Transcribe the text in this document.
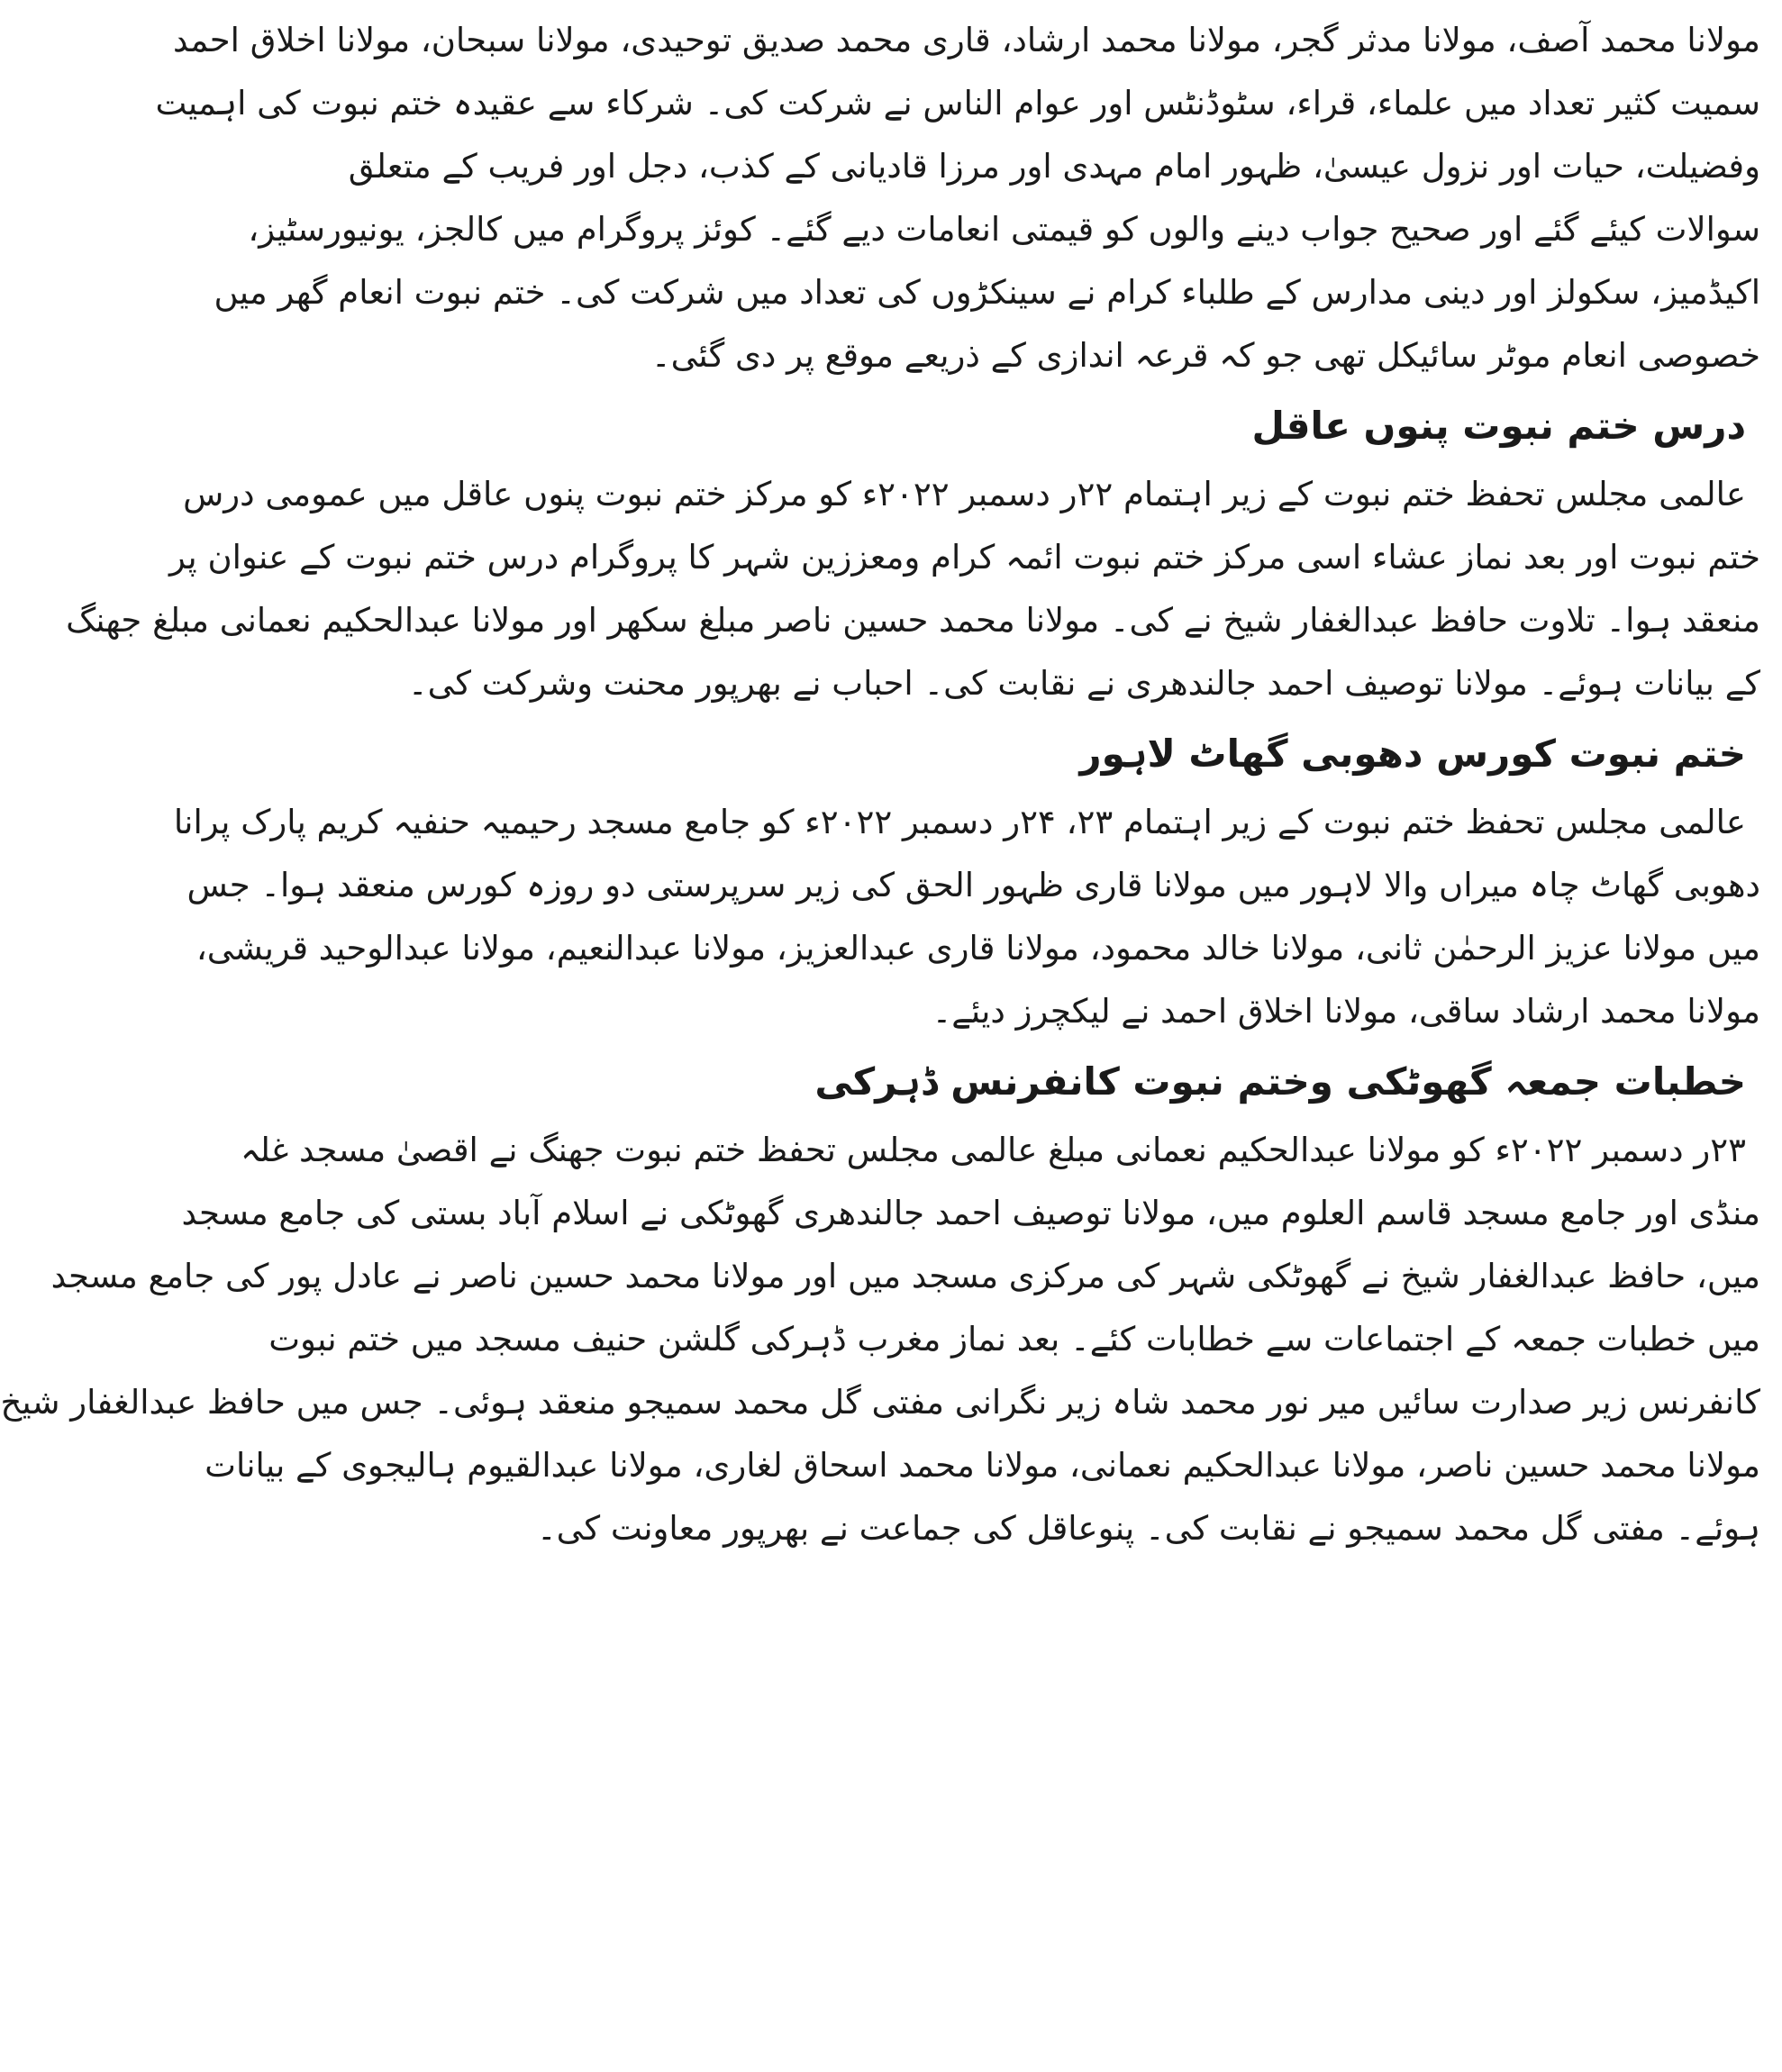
مولانا محمد آصف، مولانا مدثر گجر، مولانا محمد ارشاد، قاری محمد صدیق توحیدی، مولانا سبحان، مولانا اخلاق احمد
سمیت کثیر تعداد میں علماء، قراء، سٹوڈنٹس اور عوام الناس نے شرکت کی۔ شرکاء سے عقیدہ ختم نبوت کی اہمیت
وفضیلت، حیات اور نزول عیسیٰ، ظہور امام مہدی اور مرزا قادیانی کے کذب، دجل اور فریب کے متعلق
سوالات کیئے گئے اور صحیح جواب دینے والوں کو قیمتی انعامات دیے گئے۔ کوئز پروگرام میں کالجز، یونیورسٹیز،
اکیڈمیز، سکولز اور دینی مدارس کے طلباء کرام نے سینکڑوں کی تعداد میں شرکت کی۔ ختم نبوت انعام گھر میں
خصوصی انعام موٹر سائیکل تھی جو کہ قرعہ اندازی کے ذریعے موقع پر دی گئی۔
درس ختم نبوت پنوں عاقل
عالمی مجلس تحفظ ختم نبوت کے زیر اہتمام ۲۲ر دسمبر ۲۰۲۲ء کو مرکز ختم نبوت پنوں عاقل میں عمومی درس
ختم نبوت اور بعد نماز عشاء اسی مرکز ختم نبوت ائمہ کرام ومعززین شہر کا پروگرام درس ختم نبوت کے عنوان پر
منعقد ہوا۔ تلاوت حافظ عبدالغفار شیخ نے کی۔ مولانا محمد حسین ناصر مبلغ سکھر اور مولانا عبدالحکیم نعمانی مبلغ جھنگ
کے بیانات ہوئے۔ مولانا توصیف احمد جالندھری نے نقابت کی۔ احباب نے بھرپور محنت وشرکت کی۔
ختم نبوت کورس دھوبی گھاٹ لاہور
عالمی مجلس تحفظ ختم نبوت کے زیر اہتمام ۲۳، ۲۴ر دسمبر ۲۰۲۲ء کو جامع مسجد رحیمیہ حنفیہ کریم پارک پرانا
دھوبی گھاٹ چاہ میراں والا لاہور میں مولانا قاری ظہور الحق کی زیر سرپرستی دو روزہ کورس منعقد ہوا۔ جس
میں مولانا عزیز الرحمٰن ثانی، مولانا خالد محمود، مولانا قاری عبدالعزیز، مولانا عبدالنعیم، مولانا عبدالوحید قریشی،
مولانا محمد ارشاد ساقی، مولانا اخلاق احمد نے لیکچرز دیئے۔
خطبات جمعہ گھوٹکی وختم نبوت کانفرنس ڈہرکی
۲۳ر دسمبر ۲۰۲۲ء کو مولانا عبدالحکیم نعمانی مبلغ عالمی مجلس تحفظ ختم نبوت جھنگ نے اقصیٰ مسجد غلہ
منڈی اور جامع مسجد قاسم العلوم میں، مولانا توصیف احمد جالندھری گھوٹکی نے اسلام آباد بستی کی جامع مسجد
میں، حافظ عبدالغفار شیخ نے گھوٹکی شہر کی مرکزی مسجد میں اور مولانا محمد حسین ناصر نے عادل پور کی جامع مسجد
میں خطبات جمعہ کے اجتماعات سے خطابات کئے۔ بعد نماز مغرب ڈہرکی گلشن حنیف مسجد میں ختم نبوت
کانفرنس زیر صدارت سائیں میر نور محمد شاہ زیر نگرانی مفتی گل محمد سمیجو منعقد ہوئی۔ جس میں حافظ عبدالغفار شیخ
مولانا محمد حسین ناصر، مولانا عبدالحکیم نعمانی، مولانا محمد اسحاق لغاری، مولانا عبدالقیوم ہالیجوی کے بیانات
ہوئے۔ مفتی گل محمد سمیجو نے نقابت کی۔ پنوعاقل کی جماعت نے بھرپور معاونت کی۔
